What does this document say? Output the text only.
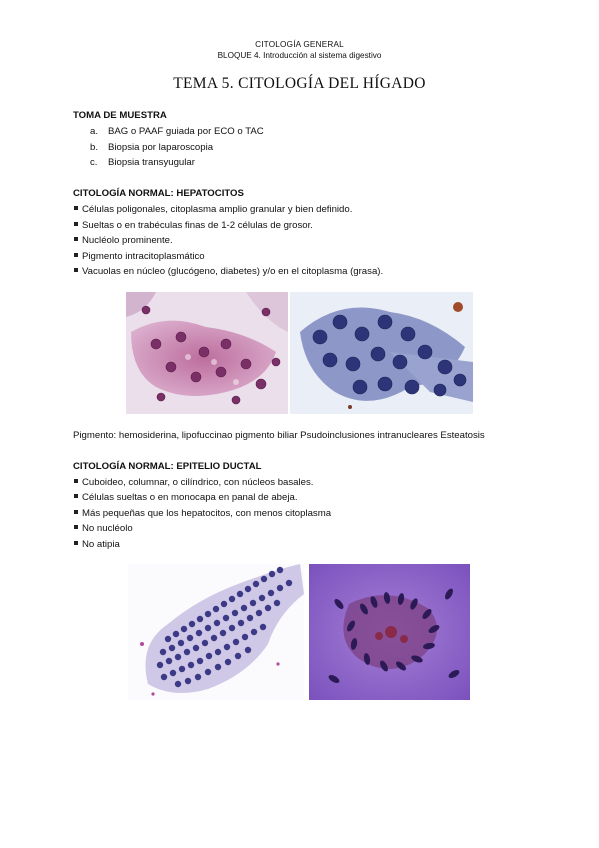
CITOLOGÍA GENERAL
BLOQUE 4. Introducción al sistema digestivo
TEMA 5. CITOLOGÍA DEL HÍGADO
TOMA DE MUESTRA
a. BAG o PAAF guiada por ECO o TAC
b. Biopsia por laparoscopia
c. Biopsia transyugular
CITOLOGÍA NORMAL: HEPATOCITOS
Células poligonales, citoplasma amplio granular y bien definido.
Sueltas o en trabéculas finas de 1-2 células de grosor.
Nucléolo prominente.
Pigmento intracitoplasmático
Vacuolas en núcleo (glucógeno, diabetes) y/o en el citoplasma (grasa).
Pigmento: hemosiderina, lipofuccinao pigmento biliar Psudoinclusiones intranucleares Esteatosis
CITOLOGÍA NORMAL: EPITELIO DUCTAL
Cuboideo, columnar, o cilíndrico, con núcleos basales.
Células sueltas o en monocapa en panal de abeja.
Más pequeñas que los hepatocitos, con menos citoplasma
No nucléolo
No atipia
